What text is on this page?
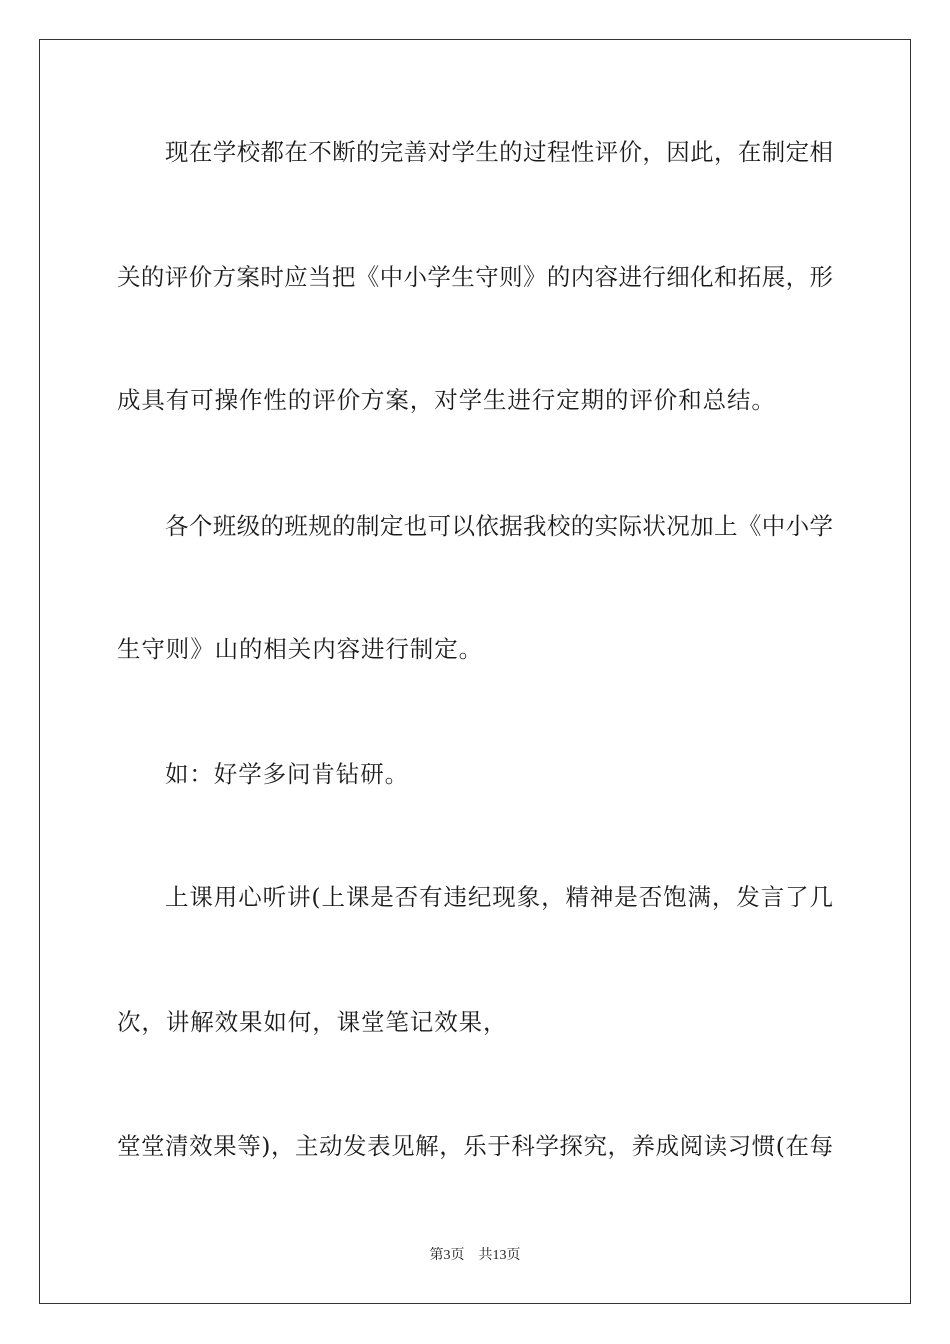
现在学校都在不断的完善对学生的过程性评价，因此，在制定相
关的评价方案时应当把《中小学生守则》的内容进行细化和拓展，形
成具有可操作性的评价方案，对学生进行定期的评价和总结。
各个班级的班规的制定也可以依据我校的实际状况加上《中小学
生守则》山的相关内容进行制定。
如：好学多问肯钻研。
上课用心听讲(上课是否有违纪现象，精神是否饱满，发言了几
次，讲解效果如何，课堂笔记效果，
堂堂清效果等)，主动发表见解，乐于科学探究，养成阅读习惯(在每
第3页 共13页
